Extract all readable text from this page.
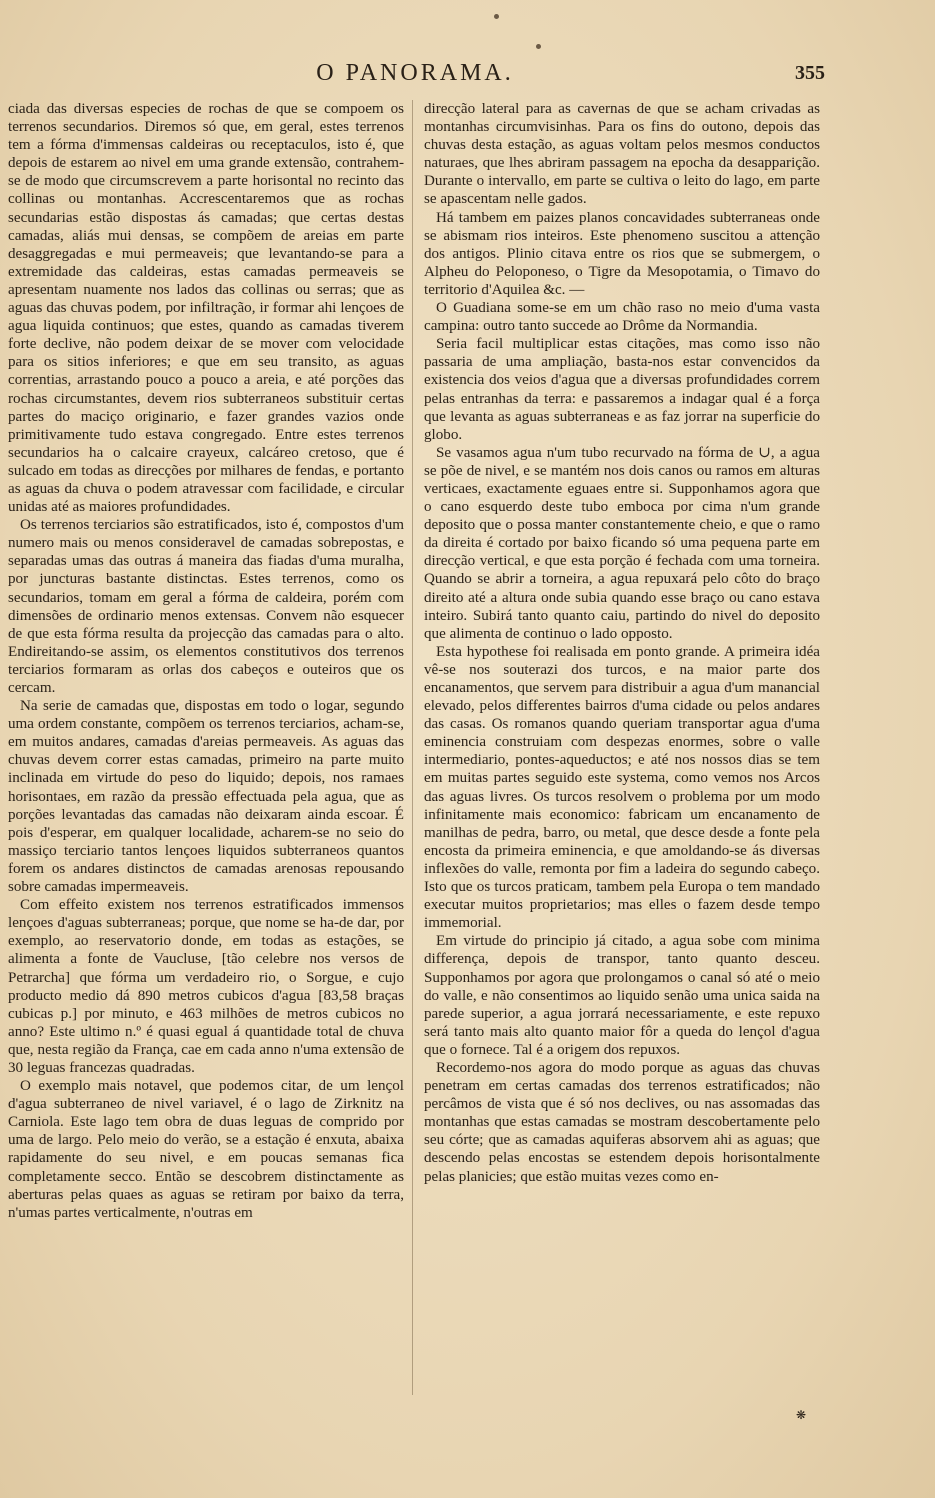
O PANORAMA.	355

ciada das diversas especies de rochas de que se compoem os terrenos secundarios. Diremos só que, em geral, estes terrenos tem a fórma d'immensas caldeiras ou receptaculos, isto é, que depois de estarem ao nivel em uma grande extensão, contrahem-se de modo que circumscrevem a parte horisontal no recinto das collinas ou montanhas. Accrescentaremos que as rochas secundarias estão dispostas ás camadas; que certas destas camadas, aliás mui densas, se compõem de areias em parte desaggregadas e mui permeaveis; que levantando-se para a extremidade das caldeiras, estas camadas permeaveis se apresentam nuamente nos lados das collinas ou serras; que as aguas das chuvas podem, por infiltração, ir formar ahi lençoes de agua liquida continuos; que estes, quando as camadas tiverem forte declive, não podem deixar de se mover com velocidade para os sitios inferiores; e que em seu transito, as aguas correntias, arrastando pouco a pouco a areia, e até porções das rochas circumstantes, devem rios subterraneos substituir certas partes do maciço originario, e fazer grandes vazios onde primitivamente tudo estava congregado. Entre estes terrenos secundarios ha o calcaire crayeux, calcáreo cretoso, que é sulcado em todas as direcções por milhares de fendas, e portanto as aguas da chuva o podem atravessar com facilidade, e circular unidas até as maiores profundidades.

Os terrenos terciarios são estratificados, isto é, compostos d'um numero mais ou menos consideravel de camadas sobrepostas, e separadas umas das outras á maneira das fiadas d'uma muralha, por juncturas bastante distinctas. Estes terrenos, como os secundarios, tomam em geral a fórma de caldeira, porém com dimensões de ordinario menos extensas. Convem não esquecer de que esta fórma resulta da projecção das camadas para o alto. Endireitando-se assim, os elementos constitutivos dos terrenos terciarios formaram as orlas dos cabeços e outeiros que os cercam.

Na serie de camadas que, dispostas em todo o logar, segundo uma ordem constante, compõem os terrenos terciarios, acham-se, em muitos andares, camadas d'areias permeaveis. As aguas das chuvas devem correr estas camadas, primeiro na parte muito inclinada em virtude do peso do liquido; depois, nos ramaes horisontaes, em razão da pressão effectuada pela agua, que as porções levantadas das camadas não deixaram ainda escoar. É pois d'esperar, em qualquer localidade, acharem-se no seio do massiço terciario tantos lençoes liquidos subterraneos quantos forem os andares distinctos de camadas arenosas repousando sobre camadas impermeaveis.

Com effeito existem nos terrenos estratificados immensos lençoes d'aguas subterraneas; porque, que nome se ha-de dar, por exemplo, ao reservatorio donde, em todas as estações, se alimenta a fonte de Vaucluse, [tão celebre nos versos de Petrarcha] que fórma um verdadeiro rio, o Sorgue, e cujo producto medio dá 890 metros cubicos d'agua [83,58 braças cubicas p.] por minuto, e 463 milhões de metros cubicos no anno? Este ultimo n.º é quasi egual á quantidade total de chuva que, nesta região da França, cae em cada anno n'uma extensão de 30 leguas francezas quadradas.

O exemplo mais notavel, que podemos citar, de um lençol d'agua subterraneo de nivel variavel, é o lago de Zirknitz na Carniola. Este lago tem obra de duas leguas de comprido por uma de largo. Pelo meio do verão, se a estação é enxuta, abaixa rapidamente do seu nivel, e em poucas semanas fica completamente secco. Então se descobrem distinctamente as aberturas pelas quaes as aguas se retiram por baixo da terra, n'umas partes verticalmente, n'outras em

direcção lateral para as cavernas de que se acham crivadas as montanhas circumvisinhas. Para os fins do outono, depois das chuvas desta estação, as aguas voltam pelos mesmos conductos naturaes, que lhes abriram passagem na epocha da desapparição. Durante o intervallo, em parte se cultiva o leito do lago, em parte se apascentam nelle gados.

Há tambem em paizes planos concavidades subterraneas onde se abismam rios inteiros. Este phenomeno suscitou a attenção dos antigos. Plinio citava entre os rios que se submergem, o Alpheu do Peloponeso, o Tigre da Mesopotamia, o Timavo do territorio d'Aquilea &c. —

O Guadiana some-se em um chão raso no meio d'uma vasta campina: outro tanto succede ao Drôme da Normandia.

Seria facil multiplicar estas citações, mas como isso não passaria de uma ampliação, basta-nos estar convencidos da existencia dos veios d'agua que a diversas profundidades correm pelas entranhas da terra: e passaremos a indagar qual é a força que levanta as aguas subterraneas e as faz jorrar na superficie do globo.

Se vasamos agua n'um tubo recurvado na fórma de ∪, a agua se põe de nivel, e se mantém nos dois canos ou ramos em alturas verticaes, exactamente eguaes entre si. Supponhamos agora que o cano esquerdo deste tubo emboca por cima n'um grande deposito que o possa manter constantemente cheio, e que o ramo da direita é cortado por baixo ficando só uma pequena parte em direcção vertical, e que esta porção é fechada com uma torneira. Quando se abrir a torneira, a agua repuxará pelo côto do braço direito até a altura onde subia quando esse braço ou cano estava inteiro. Subirá tanto quanto caiu, partindo do nivel do deposito que alimenta de continuo o lado opposto.

Esta hypothese foi realisada em ponto grande. A primeira idéa vê-se nos souterazi dos turcos, e na maior parte dos encanamentos, que servem para distribuir a agua d'um manancial elevado, pelos differentes bairros d'uma cidade ou pelos andares das casas. Os romanos quando queriam transportar agua d'uma eminencia construiam com despezas enormes, sobre o valle intermediario, pontes-aqueductos; e até nos nossos dias se tem em muitas partes seguido este systema, como vemos nos Arcos das aguas livres. Os turcos resolvem o problema por um modo infinitamente mais economico: fabricam um encanamento de manilhas de pedra, barro, ou metal, que desce desde a fonte pela encosta da primeira eminencia, e que amoldando-se ás diversas inflexões do valle, remonta por fim a ladeira do segundo cabeço. Isto que os turcos praticam, tambem pela Europa o tem mandado executar muitos proprietarios; mas elles o fazem desde tempo immemorial.

Em virtude do principio já citado, a agua sobe com minima differença, depois de transpor, tanto quanto desceu. Supponhamos por agora que prolongamos o canal só até o meio do valle, e não consentimos ao liquido senão uma unica saida na parede superior, a agua jorrará necessariamente, e este repuxo será tanto mais alto quanto maior fôr a queda do lençol d'agua que o fornece. Tal é a origem dos repuxos.

Recordemo-nos agora do modo porque as aguas das chuvas penetram em certas camadas dos terrenos estratificados; não percâmos de vista que é só nos declives, ou nas assomadas das montanhas que estas camadas se mostram descobertamente pelo seu córte; que as camadas aquiferas absorvem ahi as aguas; que descendo pelas encostas se estendem depois horisontalmente pelas planicies; que estão muitas vezes como en-

❋
